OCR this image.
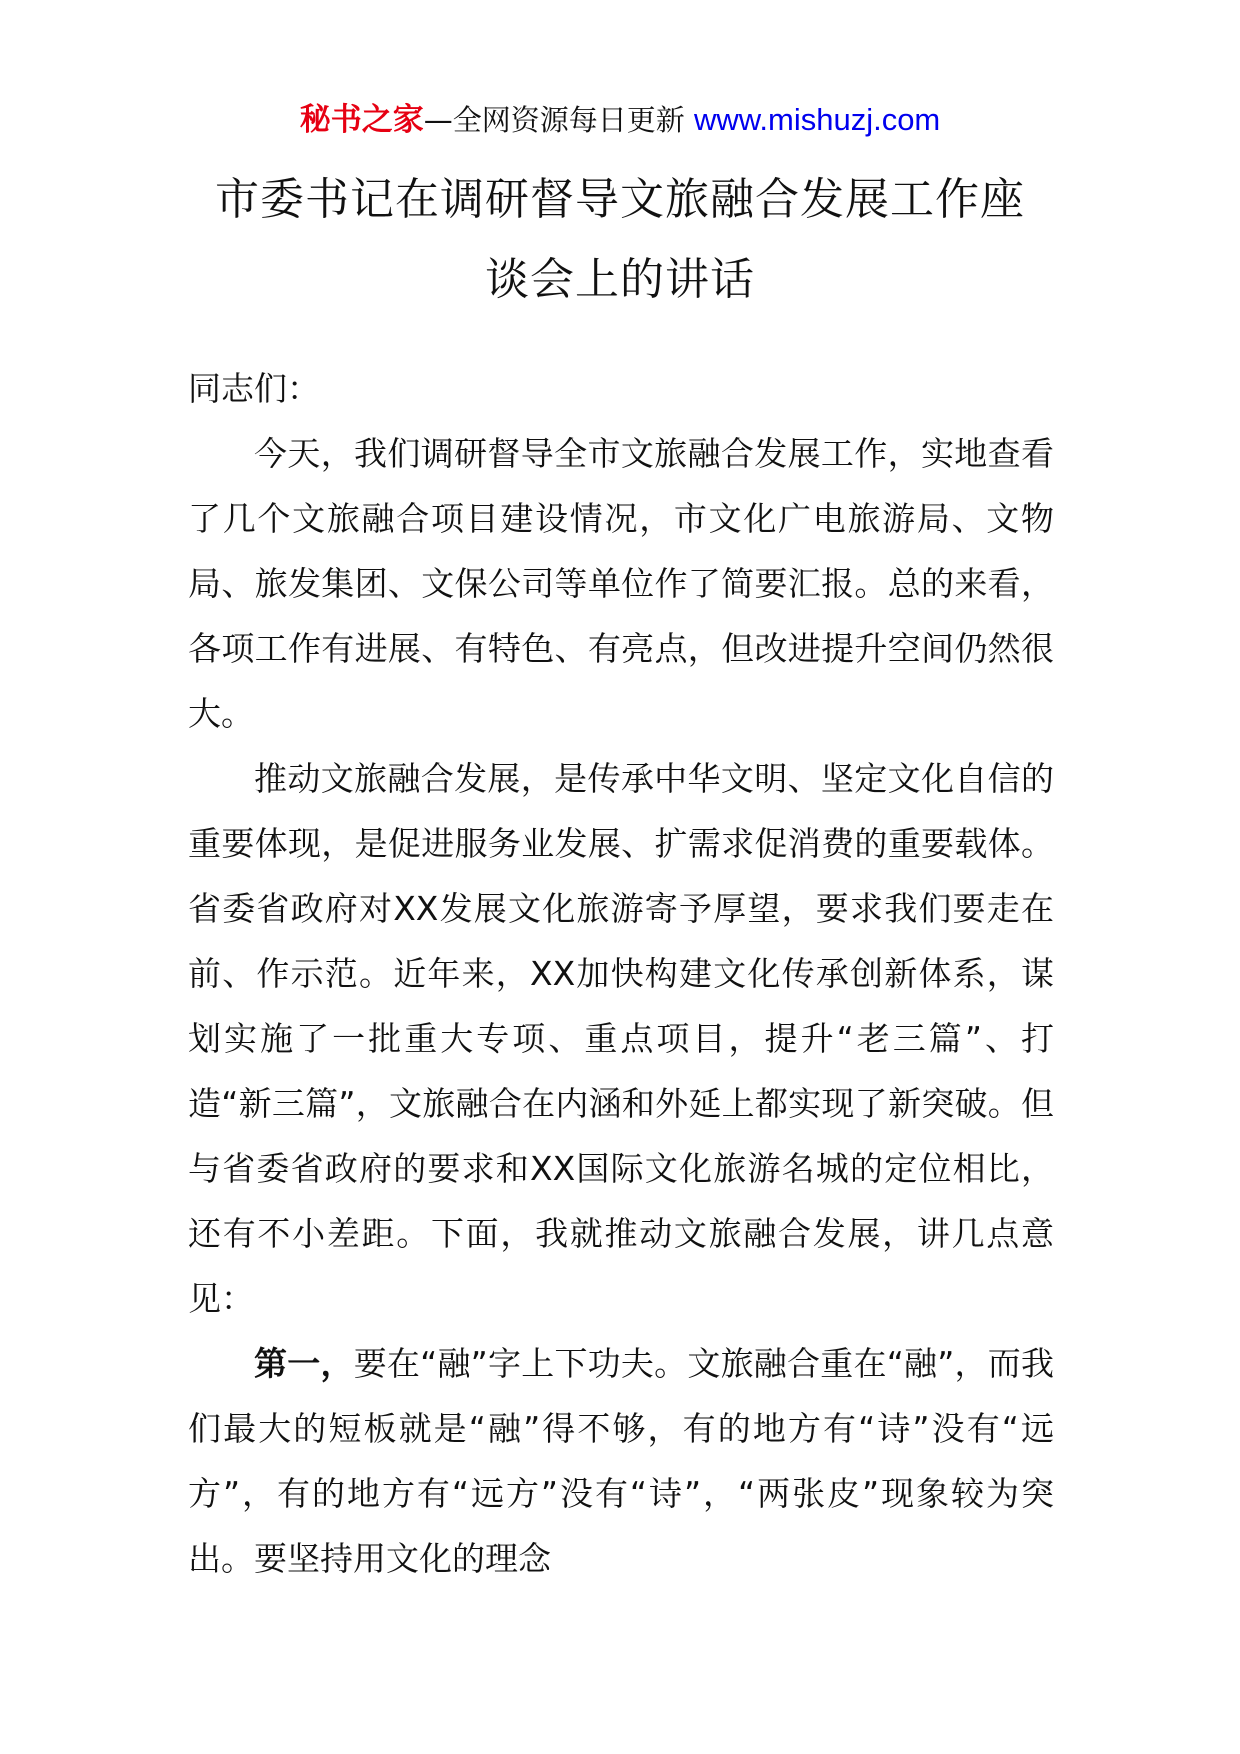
秘书之家—全网资源每日更新 www.mishuzj.com
市委书记在调研督导文旅融合发展工作座
谈会上的讲话

同志们：

今天，我们调研督导全市文旅融合发展工作，实地查看了几个文旅融合项目建设情况，市文化广电旅游局、文物局、旅发集团、文保公司等单位作了简要汇报。总的来看，各项工作有进展、有特色、有亮点，但改进提升空间仍然很大。

推动文旅融合发展，是传承中华文明、坚定文化自信的重要体现，是促进服务业发展、扩需求促消费的重要载体。省委省政府对XX发展文化旅游寄予厚望，要求我们要走在前、作示范。近年来，XX加快构建文化传承创新体系，谋划实施了一批重大专项、重点项目，提升“老三篇”、打造“新三篇”，文旅融合在内涵和外延上都实现了新突破。但与省委省政府的要求和XX国际文化旅游名城的定位相比，还有不小差距。下面，我就推动文旅融合发展，讲几点意见：

第一，要在“融”字上下功夫。文旅融合重在“融”，而我们最大的短板就是“融”得不够，有的地方有“诗”没有“远方”，有的地方有“远方”没有“诗”，“两张皮”现象较为突出。要坚持用文化的理念
